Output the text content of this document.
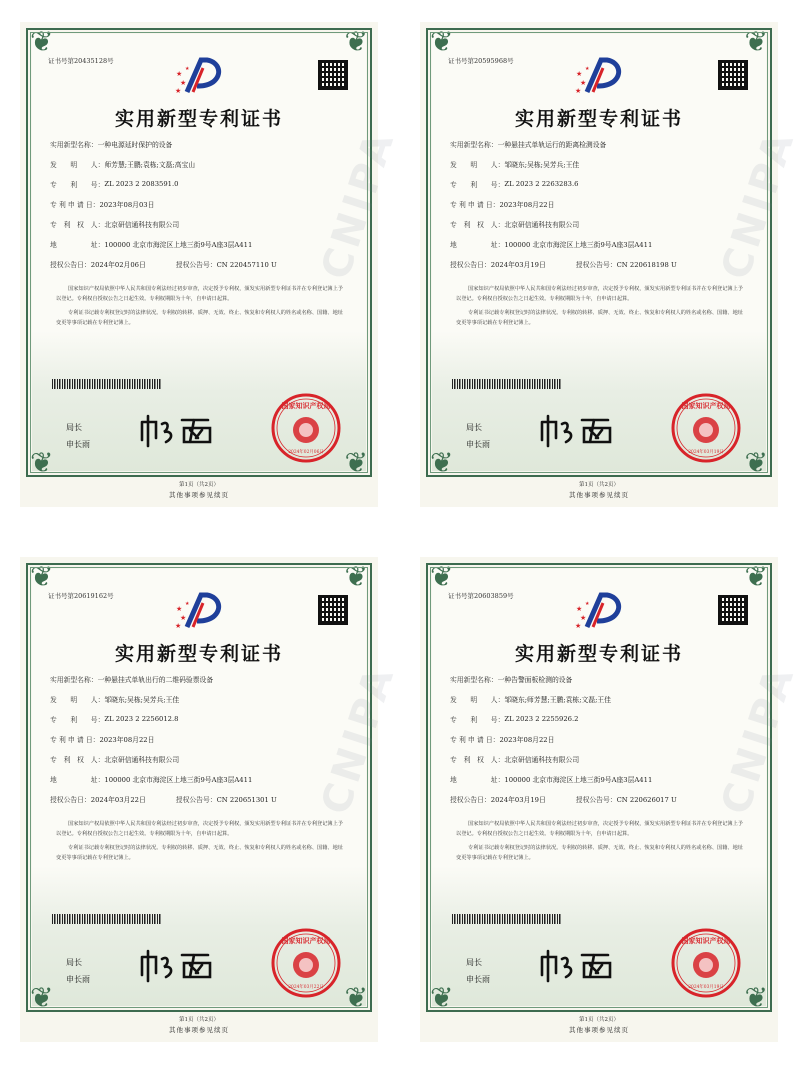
❦	❦
❦	❦
CNIPA
证书号第20435128号
★
★
★
★
实用新型专利证书
实用新型名称： 一种电源延时保护的设备
发　　明　　人： 师芳慧;王鹏;袁栋;文磊;高宝山
专　　利　　号： ZL 2023 2 2083591.0
专 利 申 请 日： 2023年08月03日
专　利　权　人： 北京研信通科技有限公司
地　　　　　址： 100000 北京市海淀区上地三街9号A座3层A411
授权公告日：2024年02月06日	授权公告号：CN 220457110 U

国家知识产权局依照中华人民共和国专利法经过初步审查，决定授予专利权，颁发实用新型专利证书并在专利登记簿上予以登记。专利权自授权公告之日起生效。专利权期限为十年，自申请日起算。

专利证书记载专利权登记时的法律状况。专利权的转移、质押、无效、终止、恢复和专利权人的姓名或名称、国籍、地址变更等事项记载在专利登记簿上。

局长
申长雨
国家知识产权局
2024年02月06日
第1页（共2页）
其他事项参见续页
❦	❦
❦	❦
CNIPA
证书号第20595968号
★
★
★
★
实用新型专利证书
实用新型名称： 一种悬挂式单轨运行的距离检测设备
发　　明　　人： 邹晓东;吴栋;吴芳兵;王佳
专　　利　　号： ZL 2023 2 2263283.6
专 利 申 请 日： 2023年08月22日
专　利　权　人： 北京研信通科技有限公司
地　　　　　址： 100000 北京市海淀区上地三街9号A座3层A411
授权公告日：2024年03月19日	授权公告号：CN 220618198 U

国家知识产权局依照中华人民共和国专利法经过初步审查，决定授予专利权，颁发实用新型专利证书并在专利登记簿上予以登记。专利权自授权公告之日起生效。专利权期限为十年，自申请日起算。

专利证书记载专利权登记时的法律状况。专利权的转移、质押、无效、终止、恢复和专利权人的姓名或名称、国籍、地址变更等事项记载在专利登记簿上。

局长
申长雨
国家知识产权局
2024年03月19日
第1页（共2页）
其他事项参见续页
❦	❦
❦	❦
CNIPA
证书号第20619162号
★
★
★
★
实用新型专利证书
实用新型名称： 一种悬挂式单轨出行的二维码验票设备
发　　明　　人： 邹晓东;吴栋;吴芳兵;王佳
专　　利　　号： ZL 2023 2 2256012.8
专 利 申 请 日： 2023年08月22日
专　利　权　人： 北京研信通科技有限公司
地　　　　　址： 100000 北京市海淀区上地三街9号A座3层A411
授权公告日：2024年03月22日	授权公告号：CN 220651301 U

国家知识产权局依照中华人民共和国专利法经过初步审查，决定授予专利权，颁发实用新型专利证书并在专利登记簿上予以登记。专利权自授权公告之日起生效。专利权期限为十年，自申请日起算。

专利证书记载专利权登记时的法律状况。专利权的转移、质押、无效、终止、恢复和专利权人的姓名或名称、国籍、地址变更等事项记载在专利登记簿上。

局长
申长雨
国家知识产权局
2024年03月22日
第1页（共2页）
其他事项参见续页
❦	❦
❦	❦
CNIPA
证书号第20603859号
★
★
★
★
实用新型专利证书
实用新型名称： 一种告警面板检测的设备
发　　明　　人： 邹晓东;师芳慧;王鹏;袁栋;文磊;王佳
专　　利　　号： ZL 2023 2 2255926.2
专 利 申 请 日： 2023年08月22日
专　利　权　人： 北京研信通科技有限公司
地　　　　　址： 100000 北京市海淀区上地三街9号A座3层A411
授权公告日：2024年03月19日	授权公告号：CN 220626017 U

国家知识产权局依照中华人民共和国专利法经过初步审查，决定授予专利权，颁发实用新型专利证书并在专利登记簿上予以登记。专利权自授权公告之日起生效。专利权期限为十年，自申请日起算。

专利证书记载专利权登记时的法律状况。专利权的转移、质押、无效、终止、恢复和专利权人的姓名或名称、国籍、地址变更等事项记载在专利登记簿上。

局长
申长雨
国家知识产权局
2024年03月19日
第1页（共2页）
其他事项参见续页
